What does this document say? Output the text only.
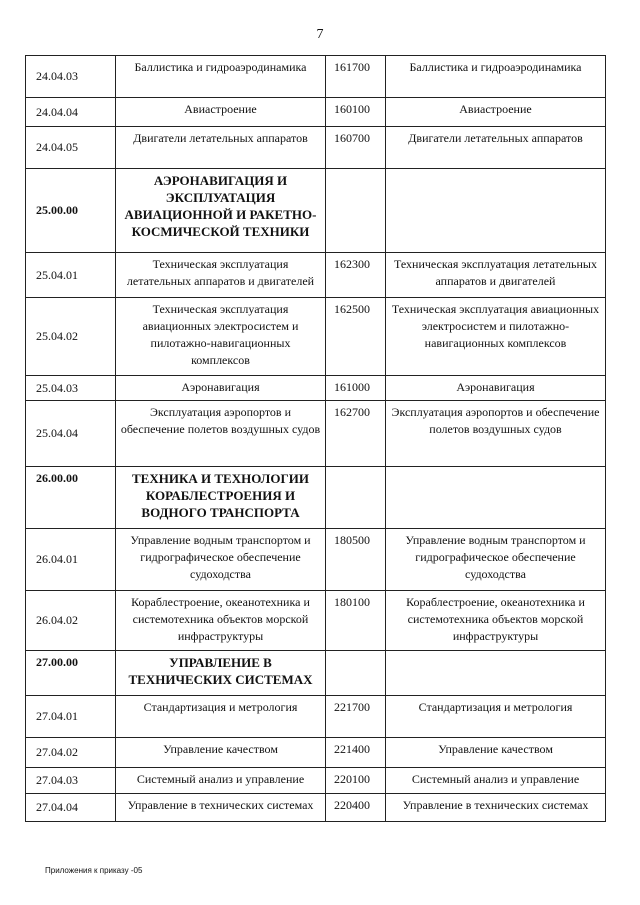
7
24.04.03	Баллистика и гидроаэродинамика	161700	Баллистика и гидроаэродинамика
24.04.04	Авиастроение	160100	Авиастроение
24.04.05	Двигатели летательных аппаратов	160700	Двигатели летательных аппаратов
25.00.00	АЭРОНАВИГАЦИЯ И ЭКСПЛУАТАЦИЯ АВИАЦИОННОЙ И РАКЕТНО-КОСМИЧЕСКОЙ ТЕХНИКИ		
25.04.01	Техническая эксплуатация летательных аппаратов и двигателей	162300	Техническая эксплуатация летательных аппаратов и двигателей
25.04.02	Техническая эксплуатация авиационных электросистем и пилотажно-навигационных комплексов	162500	Техническая эксплуатация авиационных электросистем и пилотажно-навигационных комплексов
25.04.03	Аэронавигация	161000	Аэронавигация
25.04.04	Эксплуатация аэропортов и обеспечение полетов воздушных судов	162700	Эксплуатация аэропортов и обеспечение полетов воздушных судов
26.00.00	ТЕХНИКА И ТЕХНОЛОГИИ КОРАБЛЕСТРОЕНИЯ И ВОДНОГО ТРАНСПОРТА		
26.04.01	Управление водным транспортом и гидрографическое обеспечение судоходства	180500	Управление водным транспортом и гидрографическое обеспечение судоходства
26.04.02	Кораблестроение, океанотехника и системотехника объектов морской инфраструктуры	180100	Кораблестроение, океанотехника и системотехника объектов морской инфраструктуры
27.00.00	УПРАВЛЕНИЕ В ТЕХНИЧЕСКИХ СИСТЕМАХ		
27.04.01	Стандартизация и метрология	221700	Стандартизация и метрология
27.04.02	Управление качеством	221400	Управление качеством
27.04.03	Системный анализ и управление	220100	Системный анализ и управление
27.04.04	Управление в технических системах	220400	Управление в технических системах
Приложения к приказу -05
